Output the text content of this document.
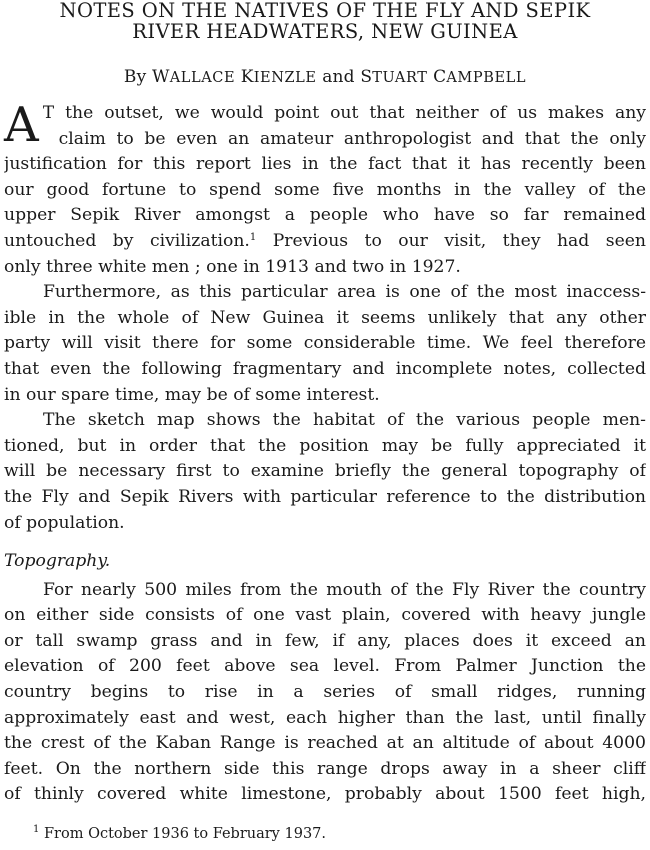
NOTES ON THE NATIVES OF THE FLY AND SEPIK
RIVER HEADWATERS, NEW GUINEA
By WALLACE KIENZLE and STUART CAMPBELL
A T the outset, we would point out that neither of us makes any
claim to be even an amateur anthropologist and that the only
justification for this report lies in the fact that it has recently been
our good fortune to spend some five months in the valley of the
upper Sepik River amongst a people who have so far remained
untouched by civilization.$^1$ Previous to our visit, they had seen
only three white men ; one in 1913 and two in 1927.
Furthermore, as this particular area is one of the most inaccess-
ible in the whole of New Guinea it seems unlikely that any other
party will visit there for some considerable time. We feel therefore
that even the following fragmentary and incomplete notes, collected
in our spare time, may be of some interest.
The sketch map shows the habitat of the various people men-
tioned, but in order that the position may be fully appreciated it
will be necessary first to examine briefly the general topography of
the Fly and Sepik Rivers with particular reference to the distribution
of population.
Topography.
For nearly 500 miles from the mouth of the Fly River the country
on either side consists of one vast plain, covered with heavy jungle
or tall swamp grass and in few, if any, places does it exceed an
elevation of 200 feet above sea level. From Palmer Junction the
country begins to rise in a series of small ridges, running
approximately east and west, each higher than the last, until finally
the crest of the Kaban Range is reached at an altitude of about 4000
feet. On the northern side this range drops away in a sheer cliff
of thinly covered white limestone, probably about 1500 feet high,
$^1$ From October 1936 to February 1937.
